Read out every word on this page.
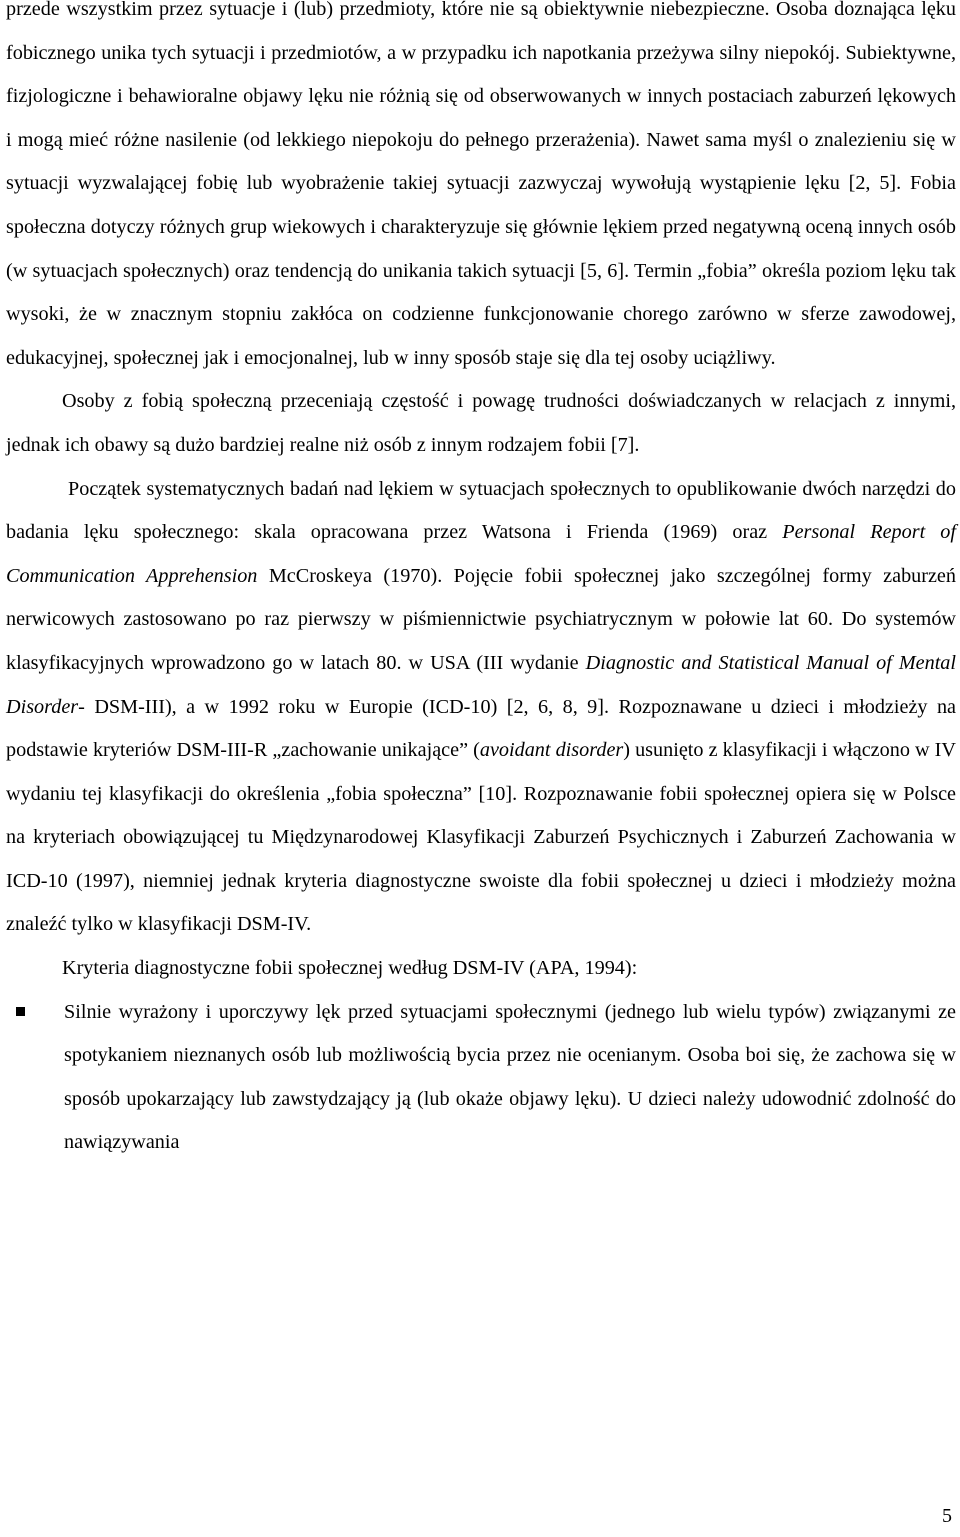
przede wszystkim przez sytuacje i (lub) przedmioty, które nie są obiektywnie niebezpieczne. Osoba doznająca lęku fobicznego unika tych sytuacji i przedmiotów, a w przypadku ich napotkania przeżywa silny niepokój. Subiektywne, fizjologiczne i behawioralne objawy lęku nie różnią się od obserwowanych w innych postaciach zaburzeń lękowych i mogą mieć różne nasilenie (od lekkiego niepokoju do pełnego przerażenia). Nawet sama myśl o znalezieniu się w sytuacji wyzwalającej fobię lub wyobrażenie takiej sytuacji zazwyczaj wywołują wystąpienie lęku [2, 5]. Fobia społeczna dotyczy różnych grup wiekowych i charakteryzuje się głównie lękiem przed negatywną oceną innych osób (w sytuacjach społecznych) oraz tendencją do unikania takich sytuacji [5, 6]. Termin „fobia” określa poziom lęku tak wysoki, że w znacznym stopniu zakłóca on codzienne funkcjonowanie chorego zarówno w sferze zawodowej, edukacyjnej, społecznej jak i emocjonalnej, lub w inny sposób staje się dla tej osoby uciążliwy.

Osoby z fobią społeczną przeceniają częstość i powagę trudności doświadczanych w relacjach z innymi, jednak ich obawy są dużo bardziej realne niż osób z innym rodzajem fobii [7].

Początek systematycznych badań nad lękiem w sytuacjach społecznych to opublikowanie dwóch narzędzi do badania lęku społecznego: skala opracowana przez Watsona i Frienda (1969) oraz Personal Report of Communication Apprehension McCroskeya (1970). Pojęcie fobii społecznej jako szczególnej formy zaburzeń nerwicowych zastosowano po raz pierwszy w piśmiennictwie psychiatrycznym w połowie lat 60. Do systemów klasyfikacyjnych wprowadzono go w latach 80. w USA (III wydanie Diagnostic and Statistical Manual of Mental Disorder- DSM-III), a w 1992 roku w Europie (ICD-10) [2, 6, 8, 9]. Rozpoznawane u dzieci i młodzieży na podstawie kryteriów DSM-III-R „zachowanie unikające” (avoidant disorder) usunięto z klasyfikacji i włączono w IV wydaniu tej klasyfikacji do określenia „fobia społeczna” [10]. Rozpoznawanie fobii społecznej opiera się w Polsce na kryteriach obowiązującej tu Międzynarodowej Klasyfikacji Zaburzeń Psychicznych i Zaburzeń Zachowania w ICD-10 (1997), niemniej jednak kryteria diagnostyczne swoiste dla fobii społecznej u dzieci i młodzieży można znaleźć tylko w klasyfikacji DSM-IV.

Kryteria diagnostyczne fobii społecznej według DSM-IV (APA, 1994):

Silnie wyrażony i uporczywy lęk przed sytuacjami społecznymi (jednego lub wielu typów) związanymi ze spotykaniem nieznanych osób lub możliwością bycia przez nie ocenianym. Osoba boi się, że zachowa się w sposób upokarzający lub zawstydzający ją (lub okaże objawy lęku). U dzieci należy udowodnić zdolność do nawiązywania
5
